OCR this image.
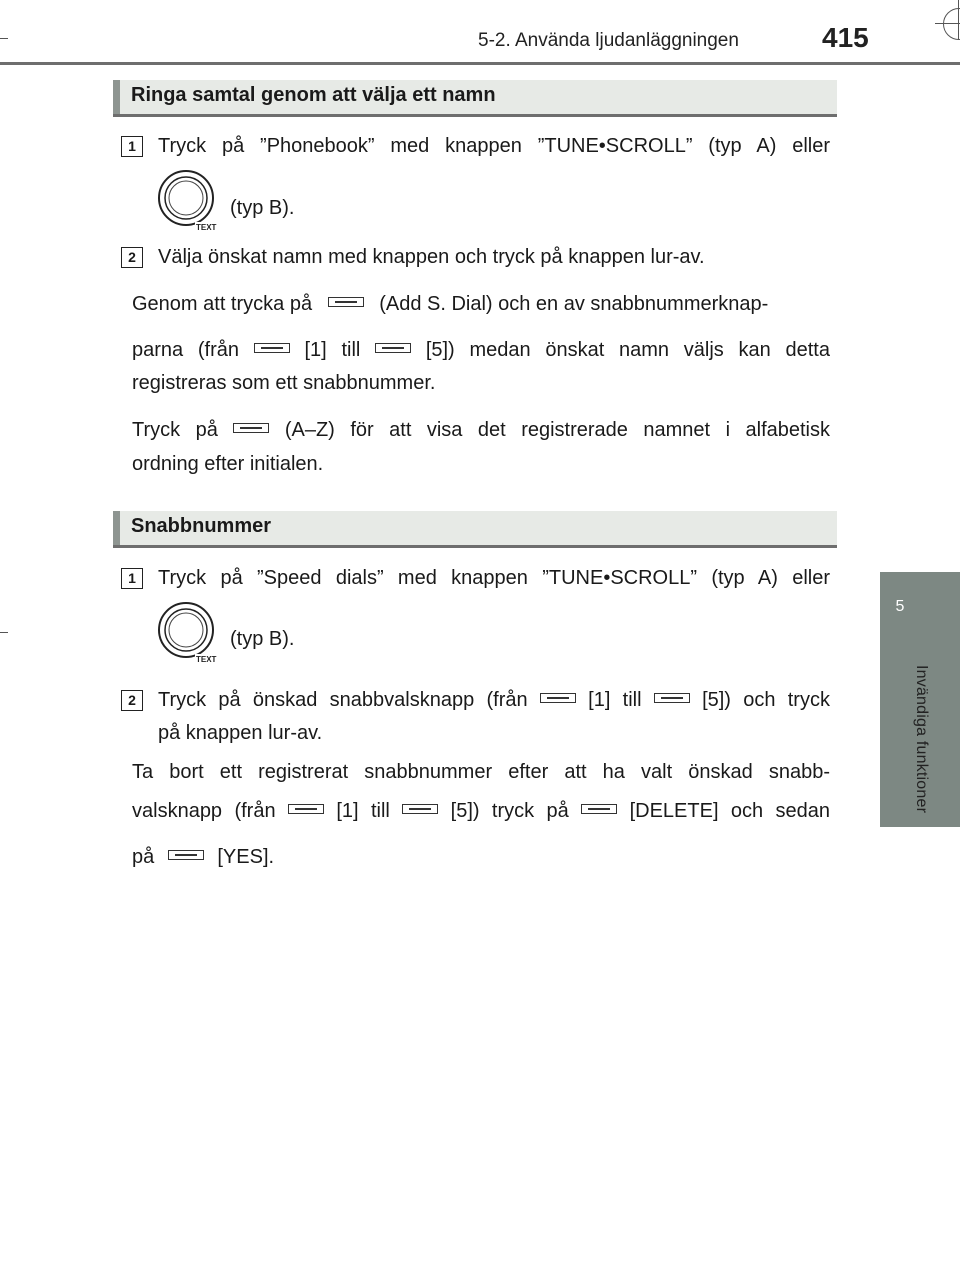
5-2. Använda ljudanläggningen	415
5
Invändiga funktioner
Ringa samtal genom att välja ett namn
1	Tryck på ”Phonebook” med knappen ”TUNE•SCROLL” (typ A) eller
TEXT
(typ B).
2	Välja önskat namn med knappen och tryck på knappen lur-av.
Genom att trycka på	(Add S. Dial) och en av snabbnummerknap-
parna (från	[1] till	[5]) medan önskat namn väljs kan detta
registreras som ett snabbnummer.
Tryck på	(A–Z) för att visa det registrerade namnet i alfabetisk
ordning efter initialen.
Snabbnummer
1	Tryck på ”Speed dials” med knappen ”TUNE•SCROLL” (typ A) eller
TEXT
(typ B).
2	Tryck på önskad snabbvalsknapp (från	[1] till	[5]) och tryck
på knappen lur-av.
Ta bort ett registrerat snabbnummer efter att ha valt önskad snabb-
valsknapp (från	[1] till	[5]) tryck på	[DELETE] och sedan
på	[YES].
